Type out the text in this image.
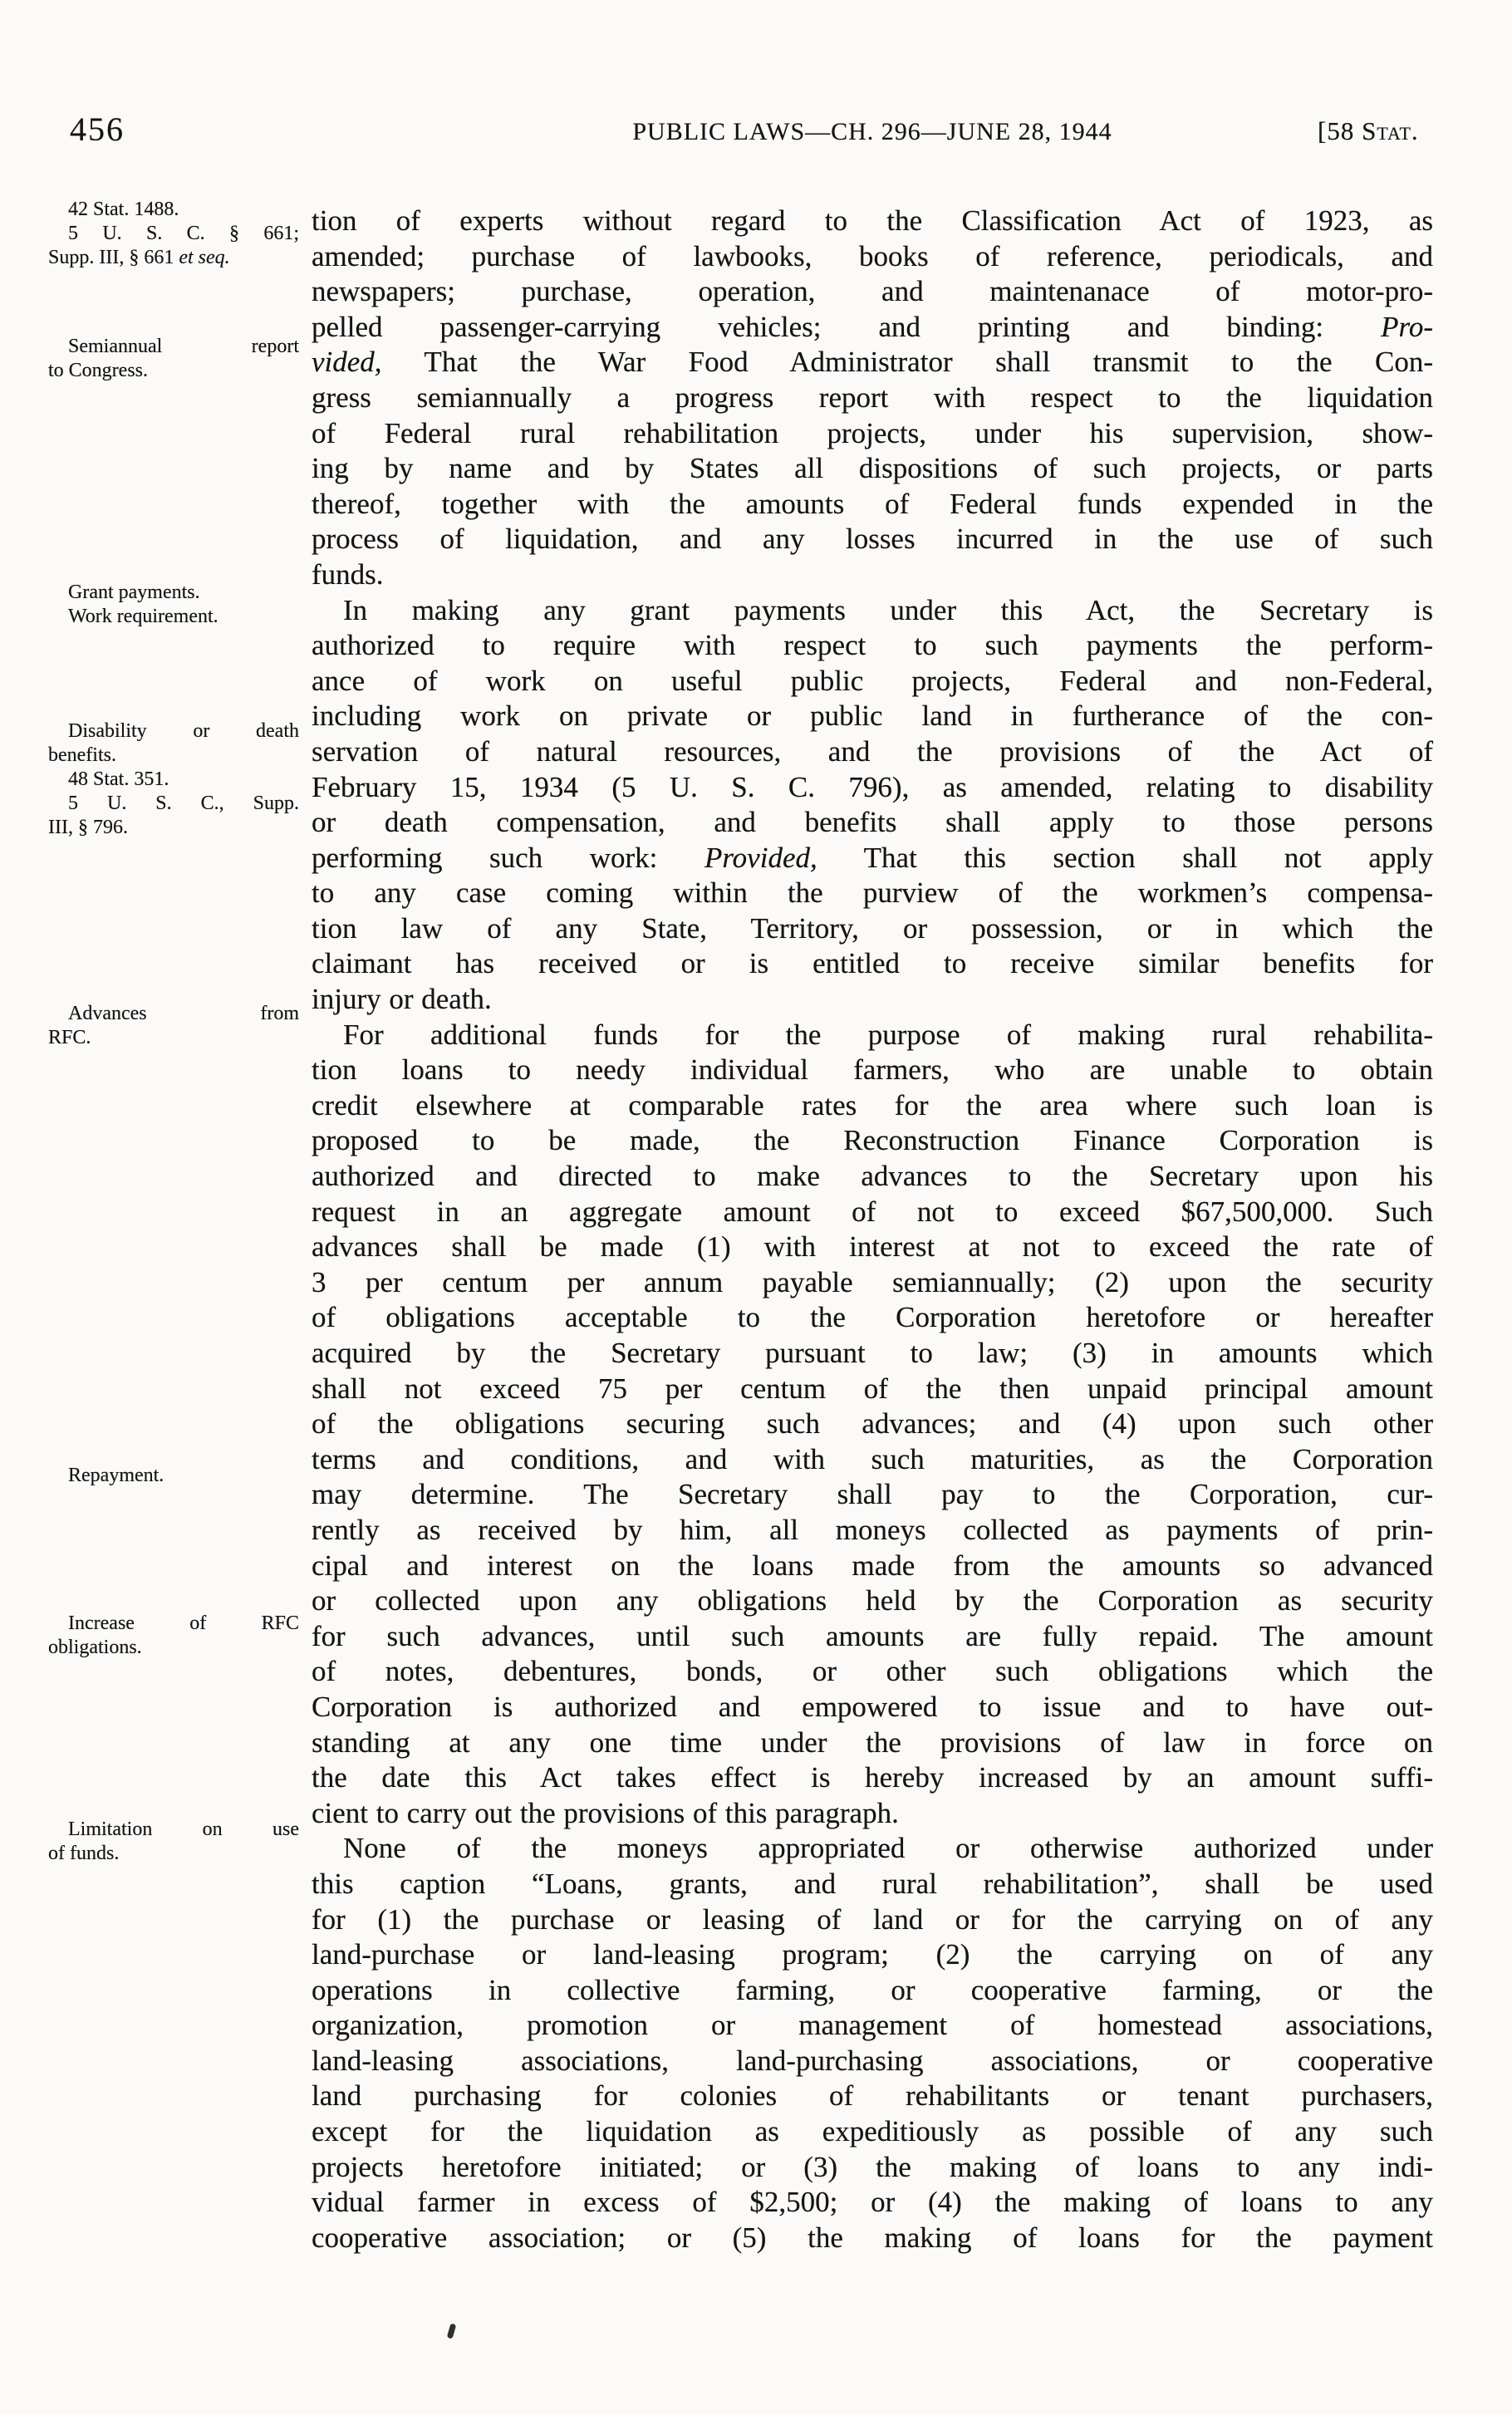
456	PUBLIC LAWS—CH. 296—JUNE 28, 1944	[58 Stat.
42 Stat. 1488.
5 U. S. C. § 661;
Supp. III, § 661 et seq.
Semiannual report
to Congress.
Grant payments.
Work requirement.
Disability or death
benefits.
48 Stat. 351.
5 U. S. C., Supp.
III, § 796.
Advances from
RFC.
Repayment.
Increase of RFC
obligations.
Limitation on use
of funds.
tion of experts without regard to the Classification Act of 1923, as
amended; purchase of lawbooks, books of reference, periodicals, and
newspapers; purchase, operation, and maintenanace of motor-pro-
pelled passenger-carrying vehicles; and printing and binding: Pro-
vided, That the War Food Administrator shall transmit to the Con-
gress semiannually a progress report with respect to the liquidation
of Federal rural rehabilitation projects, under his supervision, show-
ing by name and by States all dispositions of such projects, or parts
thereof, together with the amounts of Federal funds expended in the
process of liquidation, and any losses incurred in the use of such
funds.
In making any grant payments under this Act, the Secretary is
authorized to require with respect to such payments the perform-
ance of work on useful public projects, Federal and non-Federal,
including work on private or public land in furtherance of the con-
servation of natural resources, and the provisions of the Act of
February 15, 1934 (5 U. S. C. 796), as amended, relating to disability
or death compensation, and benefits shall apply to those persons
performing such work: Provided, That this section shall not apply
to any case coming within the purview of the workmen’s compensa-
tion law of any State, Territory, or possession, or in which the
claimant has received or is entitled to receive similar benefits for
injury or death.
For additional funds for the purpose of making rural rehabilita-
tion loans to needy individual farmers, who are unable to obtain
credit elsewhere at comparable rates for the area where such loan is
proposed to be made, the Reconstruction Finance Corporation is
authorized and directed to make advances to the Secretary upon his
request in an aggregate amount of not to exceed $67,500,000. Such
advances shall be made (1) with interest at not to exceed the rate of
3 per centum per annum payable semiannually; (2) upon the security
of obligations acceptable to the Corporation heretofore or hereafter
acquired by the Secretary pursuant to law; (3) in amounts which
shall not exceed 75 per centum of the then unpaid principal amount
of the obligations securing such advances; and (4) upon such other
terms and conditions, and with such maturities, as the Corporation
may determine. The Secretary shall pay to the Corporation, cur-
rently as received by him, all moneys collected as payments of prin-
cipal and interest on the loans made from the amounts so advanced
or collected upon any obligations held by the Corporation as security
for such advances, until such amounts are fully repaid. The amount
of notes, debentures, bonds, or other such obligations which the
Corporation is authorized and empowered to issue and to have out-
standing at any one time under the provisions of law in force on
the date this Act takes effect is hereby increased by an amount suffi-
cient to carry out the provisions of this paragraph.
None of the moneys appropriated or otherwise authorized under
this caption “Loans, grants, and rural rehabilitation”, shall be used
for (1) the purchase or leasing of land or for the carrying on of any
land-purchase or land-leasing program; (2) the carrying on of any
operations in collective farming, or cooperative farming, or the
organization, promotion or management of homestead associations,
land-leasing associations, land-purchasing associations, or cooperative
land purchasing for colonies of rehabilitants or tenant purchasers,
except for the liquidation as expeditiously as possible of any such
projects heretofore initiated; or (3) the making of loans to any indi-
vidual farmer in excess of $2,500; or (4) the making of loans to any
cooperative association; or (5) the making of loans for the payment
